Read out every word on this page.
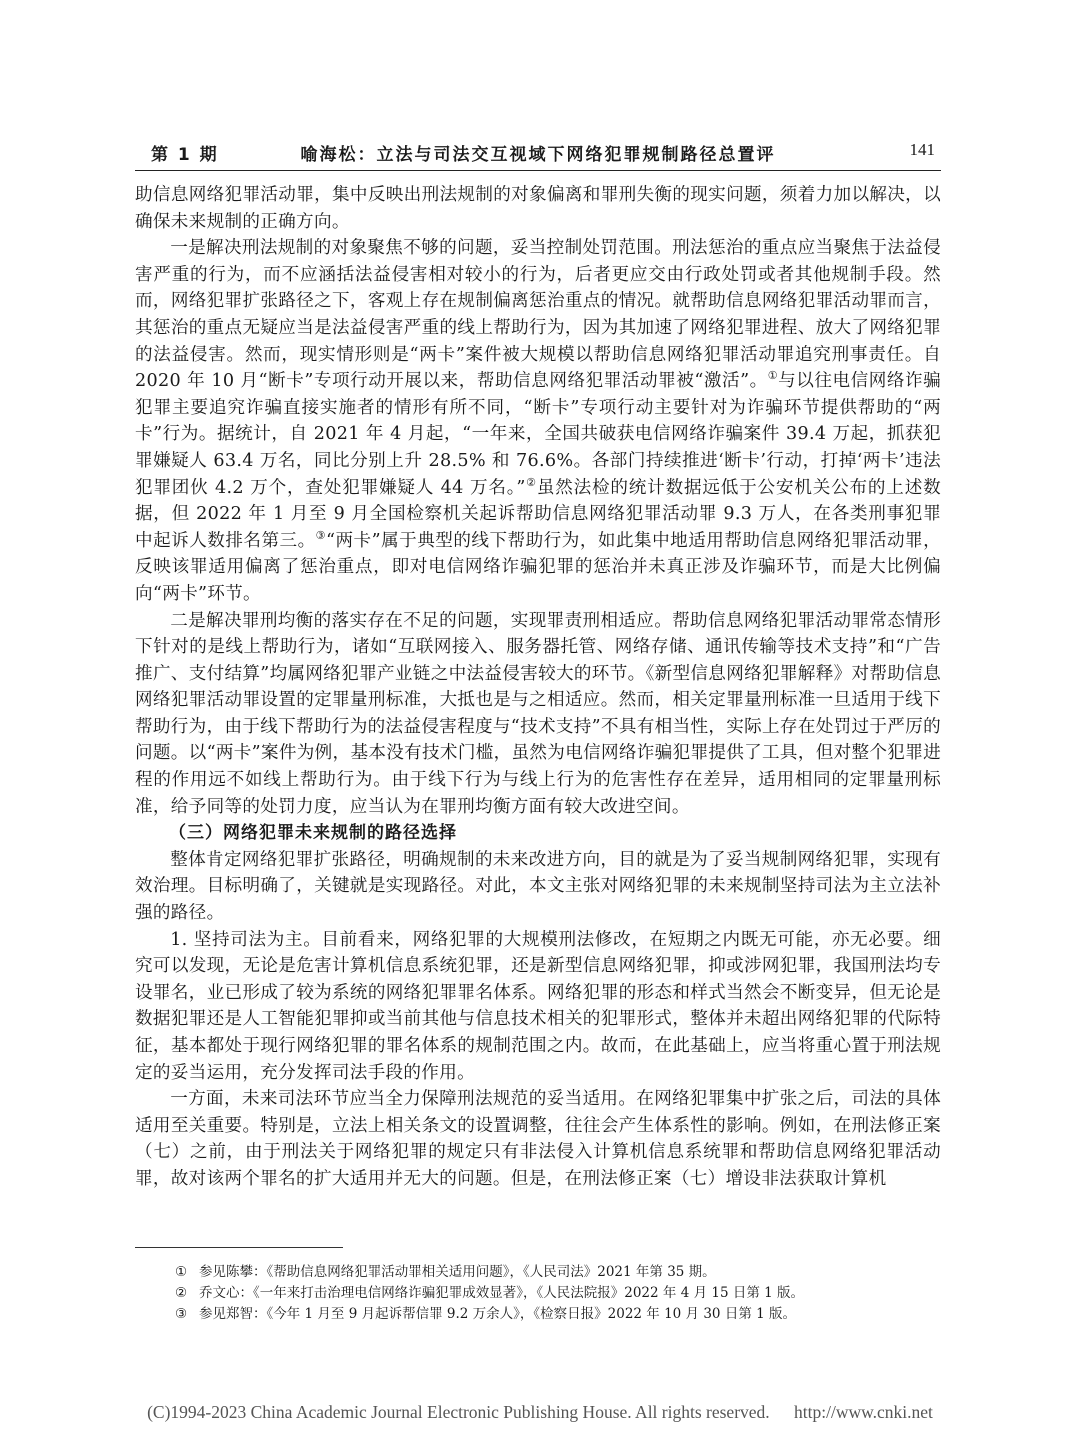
第 1 期	喻海松：立法与司法交互视域下网络犯罪规制路径总置评	141

助信息网络犯罪活动罪，集中反映出刑法规制的对象偏离和罪刑失衡的现实问题，须着力加以解决，以确保未来规制的正确方向。

一是解决刑法规制的对象聚焦不够的问题，妥当控制处罚范围。刑法惩治的重点应当聚焦于法益侵害严重的行为，而不应涵括法益侵害相对较小的行为，后者更应交由行政处罚或者其他规制手段。然而，网络犯罪扩张路径之下，客观上存在规制偏离惩治重点的情况。就帮助信息网络犯罪活动罪而言，其惩治的重点无疑应当是法益侵害严重的线上帮助行为，因为其加速了网络犯罪进程、放大了网络犯罪的法益侵害。然而，现实情形则是“两卡”案件被大规模以帮助信息网络犯罪活动罪追究刑事责任。自 2020 年 10 月“断卡”专项行动开展以来，帮助信息网络犯罪活动罪被“激活”。①与以往电信网络诈骗犯罪主要追究诈骗直接实施者的情形有所不同，“断卡”专项行动主要针对为诈骗环节提供帮助的“两卡”行为。据统计，自 2021 年 4 月起，“一年来，全国共破获电信网络诈骗案件 39.4 万起，抓获犯罪嫌疑人 63.4 万名，同比分别上升 28.5% 和 76.6%。各部门持续推进‘断卡’行动，打掉‘两卡’违法犯罪团伙 4.2 万个，查处犯罪嫌疑人 44 万名。”②虽然法检的统计数据远低于公安机关公布的上述数据，但 2022 年 1 月至 9 月全国检察机关起诉帮助信息网络犯罪活动罪 9.3 万人，在各类刑事犯罪中起诉人数排名第三。③“两卡”属于典型的线下帮助行为，如此集中地适用帮助信息网络犯罪活动罪，反映该罪适用偏离了惩治重点，即对电信网络诈骗犯罪的惩治并未真正涉及诈骗环节，而是大比例偏向“两卡”环节。

二是解决罪刑均衡的落实存在不足的问题，实现罪责刑相适应。帮助信息网络犯罪活动罪常态情形下针对的是线上帮助行为，诸如“互联网接入、服务器托管、网络存储、通讯传输等技术支持”和“广告推广、支付结算”均属网络犯罪产业链之中法益侵害较大的环节。《新型信息网络犯罪解释》对帮助信息网络犯罪活动罪设置的定罪量刑标准，大抵也是与之相适应。然而，相关定罪量刑标准一旦适用于线下帮助行为，由于线下帮助行为的法益侵害程度与“技术支持”不具有相当性，实际上存在处罚过于严厉的问题。以“两卡”案件为例，基本没有技术门槛，虽然为电信网络诈骗犯罪提供了工具，但对整个犯罪进程的作用远不如线上帮助行为。由于线下行为与线上行为的危害性存在差异，适用相同的定罪量刑标准，给予同等的处罚力度，应当认为在罪刑均衡方面有较大改进空间。

（三）网络犯罪未来规制的路径选择

整体肯定网络犯罪扩张路径，明确规制的未来改进方向，目的就是为了妥当规制网络犯罪，实现有效治理。目标明确了，关键就是实现路径。对此，本文主张对网络犯罪的未来规制坚持司法为主立法补强的路径。

1. 坚持司法为主。目前看来，网络犯罪的大规模刑法修改，在短期之内既无可能，亦无必要。细究可以发现，无论是危害计算机信息系统犯罪，还是新型信息网络犯罪，抑或涉网犯罪，我国刑法均专设罪名，业已形成了较为系统的网络犯罪罪名体系。网络犯罪的形态和样式当然会不断变异，但无论是数据犯罪还是人工智能犯罪抑或当前其他与信息技术相关的犯罪形式，整体并未超出网络犯罪的代际特征，基本都处于现行网络犯罪的罪名体系的规制范围之内。故而，在此基础上，应当将重心置于刑法规定的妥当运用，充分发挥司法手段的作用。

一方面，未来司法环节应当全力保障刑法规范的妥当适用。在网络犯罪集中扩张之后，司法的具体适用至关重要。特别是，立法上相关条文的设置调整，往往会产生体系性的影响。例如，在刑法修正案（七）之前，由于刑法关于网络犯罪的规定只有非法侵入计算机信息系统罪和帮助信息网络犯罪活动罪，故对该两个罪名的扩大适用并无大的问题。但是，在刑法修正案（七）增设非法获取计算机

① 参见陈攀：《帮助信息网络犯罪活动罪相关适用问题》，《人民司法》2021 年第 35 期。

② 乔文心：《一年来打击治理电信网络诈骗犯罪成效显著》，《人民法院报》2022 年 4 月 15 日第 1 版。

③ 参见郑智：《今年 1 月至 9 月起诉帮信罪 9.2 万余人》，《检察日报》2022 年 10 月 30 日第 1 版。

(C)1994-2023 China Academic Journal Electronic Publishing House. All rights reserved. http://www.cnki.net
